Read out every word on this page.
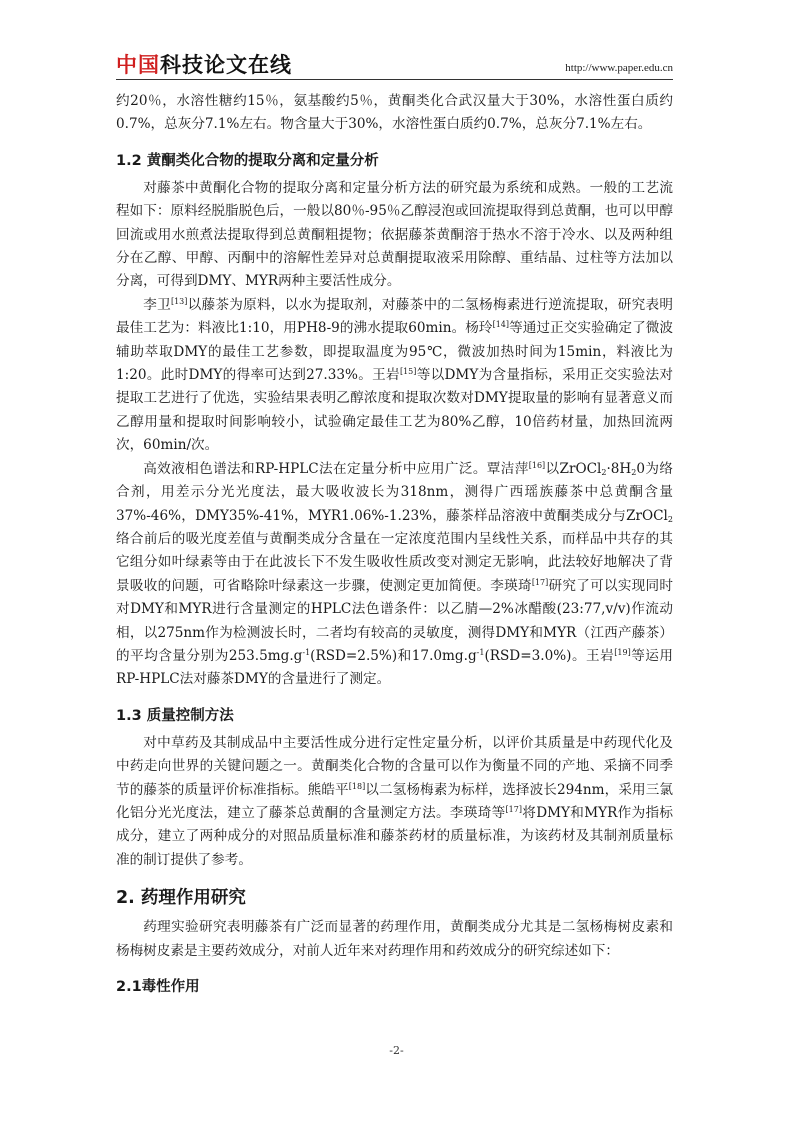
中国科技论文在线	http://www.paper.edu.cn

约20％，水溶性糖约15％，氨基酸约5％，黄酮类化合武汉量大于30%，水溶性蛋白质约0.7%，总灰分7.1%左右。物含量大于30%，水溶性蛋白质约0.7%，总灰分7.1%左右。

1.2 黄酮类化合物的提取分离和定量分析

对藤茶中黄酮化合物的提取分离和定量分析方法的研究最为系统和成熟。一般的工艺流程如下：原料经脱脂脱色后，一般以80％-95％乙醇浸泡或回流提取得到总黄酮，也可以甲醇回流或用水煎煮法提取得到总黄酮粗提物；依据藤茶黄酮溶于热水不溶于冷水、以及两种组分在乙醇、甲醇、丙酮中的溶解性差异对总黄酮提取液采用除醇、重结晶、过柱等方法加以分离，可得到DMY、MYR两种主要活性成分。

李卫[13]以藤茶为原料，以水为提取剂，对藤茶中的二氢杨梅素进行逆流提取，研究表明最佳工艺为：料液比1:10，用PH8-9的沸水提取60min。杨玲[14]等通过正交实验确定了微波辅助萃取DMY的最佳工艺参数，即提取温度为95℃，微波加热时间为15min，料液比为1:20。此时DMY的得率可达到27.33%。王岩[15]等以DMY为含量指标，采用正交实验法对提取工艺进行了优选，实验结果表明乙醇浓度和提取次数对DMY提取量的影响有显著意义而乙醇用量和提取时间影响较小，试验确定最佳工艺为80%乙醇，10倍药材量，加热回流两次，60min/次。

高效液相色谱法和RP-HPLC法在定量分析中应用广泛。覃洁萍[16]以$ZrOCl_2\cdot 8H_20$为络合剂，用差示分光光度法，最大吸收波长为318nm，测得广西瑶族藤茶中总黄酮含量37%-46%，DMY35%-41%，MYR1.06%-1.23%，藤茶样品溶液中黄酮类成分与ZrOCl$_2$络合前后的吸光度差值与黄酮类成分含量在一定浓度范围内呈线性关系，而样品中共存的其它组分如叶绿素等由于在此波长下不发生吸收性质改变对测定无影响，此法较好地解决了背景吸收的问题，可省略除叶绿素这一步骤，使测定更加简便。李瑛琦[17]研究了可以实现同时对DMY和MYR进行含量测定的HPLC法色谱条件：以乙腈—2%冰醋酸(23:77,v/v)作流动相，以275nm作为检测波长时，二者均有较高的灵敏度，测得DMY和MYR（江西产藤茶）的平均含量分别为$253.5mg.g^{-1}(RSD=2.5\%)$和$17.0mg.g^{-1}(RSD=3.0\%)$。王岩[19]等运用RP-HPLC法对藤茶DMY的含量进行了测定。

1.3 质量控制方法

对中草药及其制成品中主要活性成分进行定性定量分析，以评价其质量是中药现代化及中药走向世界的关键问题之一。黄酮类化合物的含量可以作为衡量不同的产地、采摘不同季节的藤茶的质量评价标准指标。熊皓平[18]以二氢杨梅素为标样，选择波长294nm，采用三氯化铝分光光度法，建立了藤茶总黄酮的含量测定方法。李瑛琦等[17]将DMY和MYR作为指标成分，建立了两种成分的对照品质量标准和藤茶药材的质量标准，为该药材及其制剂质量标准的制订提供了参考。

2. 药理作用研究

药理实验研究表明藤茶有广泛而显著的药理作用，黄酮类成分尤其是二氢杨梅树皮素和杨梅树皮素是主要药效成分，对前人近年来对药理作用和药效成分的研究综述如下：

2.1毒性作用
-2-
